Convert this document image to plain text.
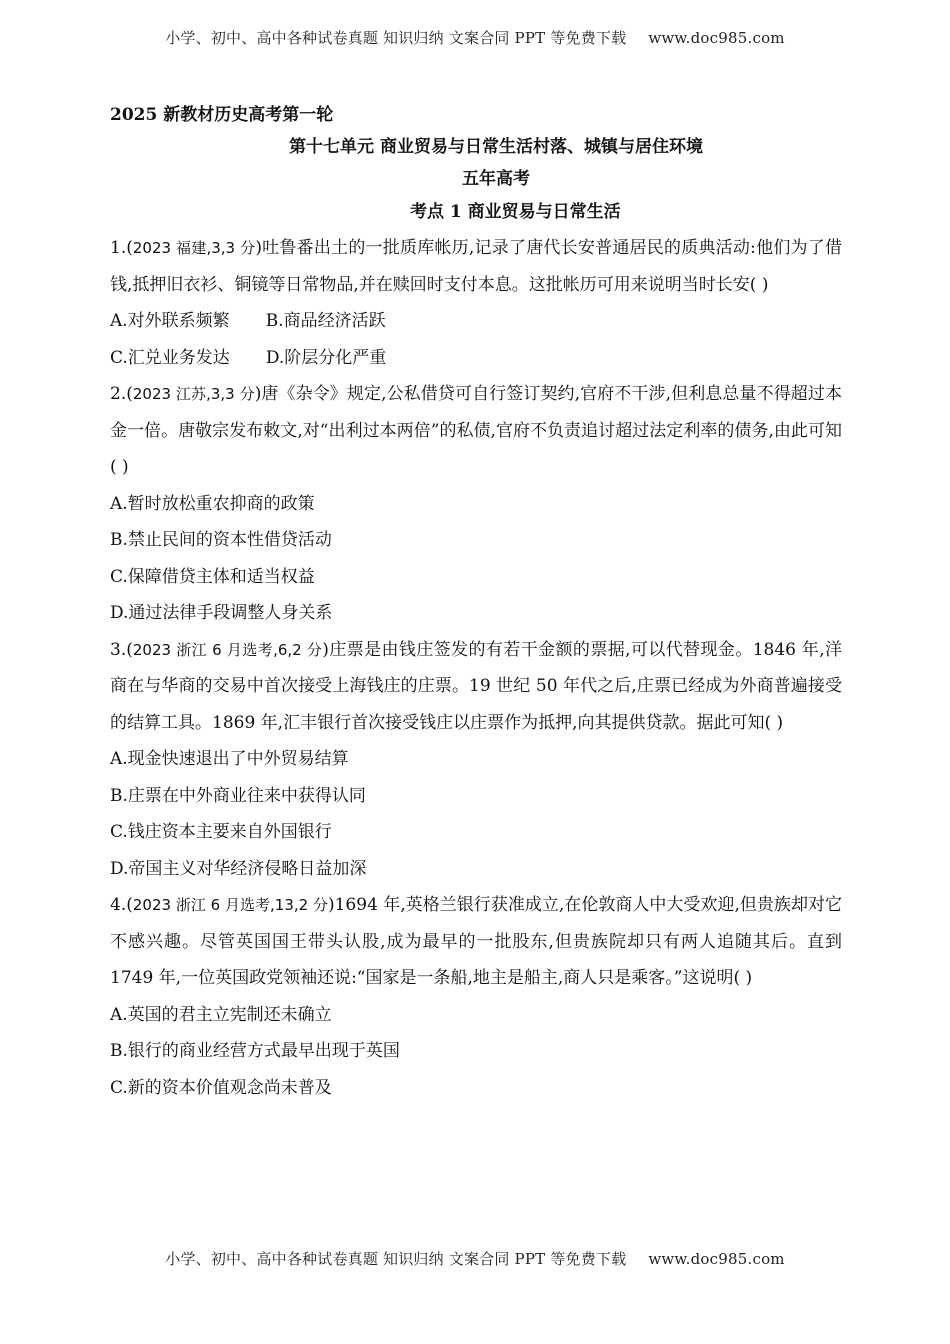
小学、初中、高中各种试卷真题 知识归纳 文案合同 PPT 等免费下载 www.doc985.com
2025 新教材历史高考第一轮
第十七单元 商业贸易与日常生活村落、城镇与居住环境
五年高考
考点 1 商业贸易与日常生活

1.(2023 福建,3,3 分)吐鲁番出土的一批质库帐历,记录了唐代长安普通居民的质典活动:他们为了借钱,抵押旧衣衫、铜镜等日常物品,并在赎回时支付本息。这批帐历可用来说明当时长安( )

A.对外联系频繁 B.商品经济活跃
C.汇兑业务发达 D.阶层分化严重

2.(2023 江苏,3,3 分)唐《杂令》规定,公私借贷可自行签订契约,官府不干涉,但利息总量不得超过本金一倍。唐敬宗发布敕文,对“出利过本两倍”的私债,官府不负责追讨超过法定利率的债务,由此可知( )

A.暂时放松重农抑商的政策
B.禁止民间的资本性借贷活动
C.保障借贷主体和适当权益
D.通过法律手段调整人身关系

3.(2023 浙江 6 月选考,6,2 分)庄票是由钱庄签发的有若干金额的票据,可以代替现金。1846 年,洋商在与华商的交易中首次接受上海钱庄的庄票。19 世纪 50 年代之后,庄票已经成为外商普遍接受的结算工具。1869 年,汇丰银行首次接受钱庄以庄票作为抵押,向其提供贷款。据此可知( )

A.现金快速退出了中外贸易结算
B.庄票在中外商业往来中获得认同
C.钱庄资本主要来自外国银行
D.帝国主义对华经济侵略日益加深

4.(2023 浙江 6 月选考,13,2 分)1694 年,英格兰银行获准成立,在伦敦商人中大受欢迎,但贵族却对它不感兴趣。尽管英国国王带头认股,成为最早的一批股东,但贵族院却只有两人追随其后。直到 1749 年,一位英国政党领袖还说:“国家是一条船,地主是船主,商人只是乘客。”这说明( )

A.英国的君主立宪制还未确立
B.银行的商业经营方式最早出现于英国
C.新的资本价值观念尚未普及
小学、初中、高中各种试卷真题 知识归纳 文案合同 PPT 等免费下载 www.doc985.com
